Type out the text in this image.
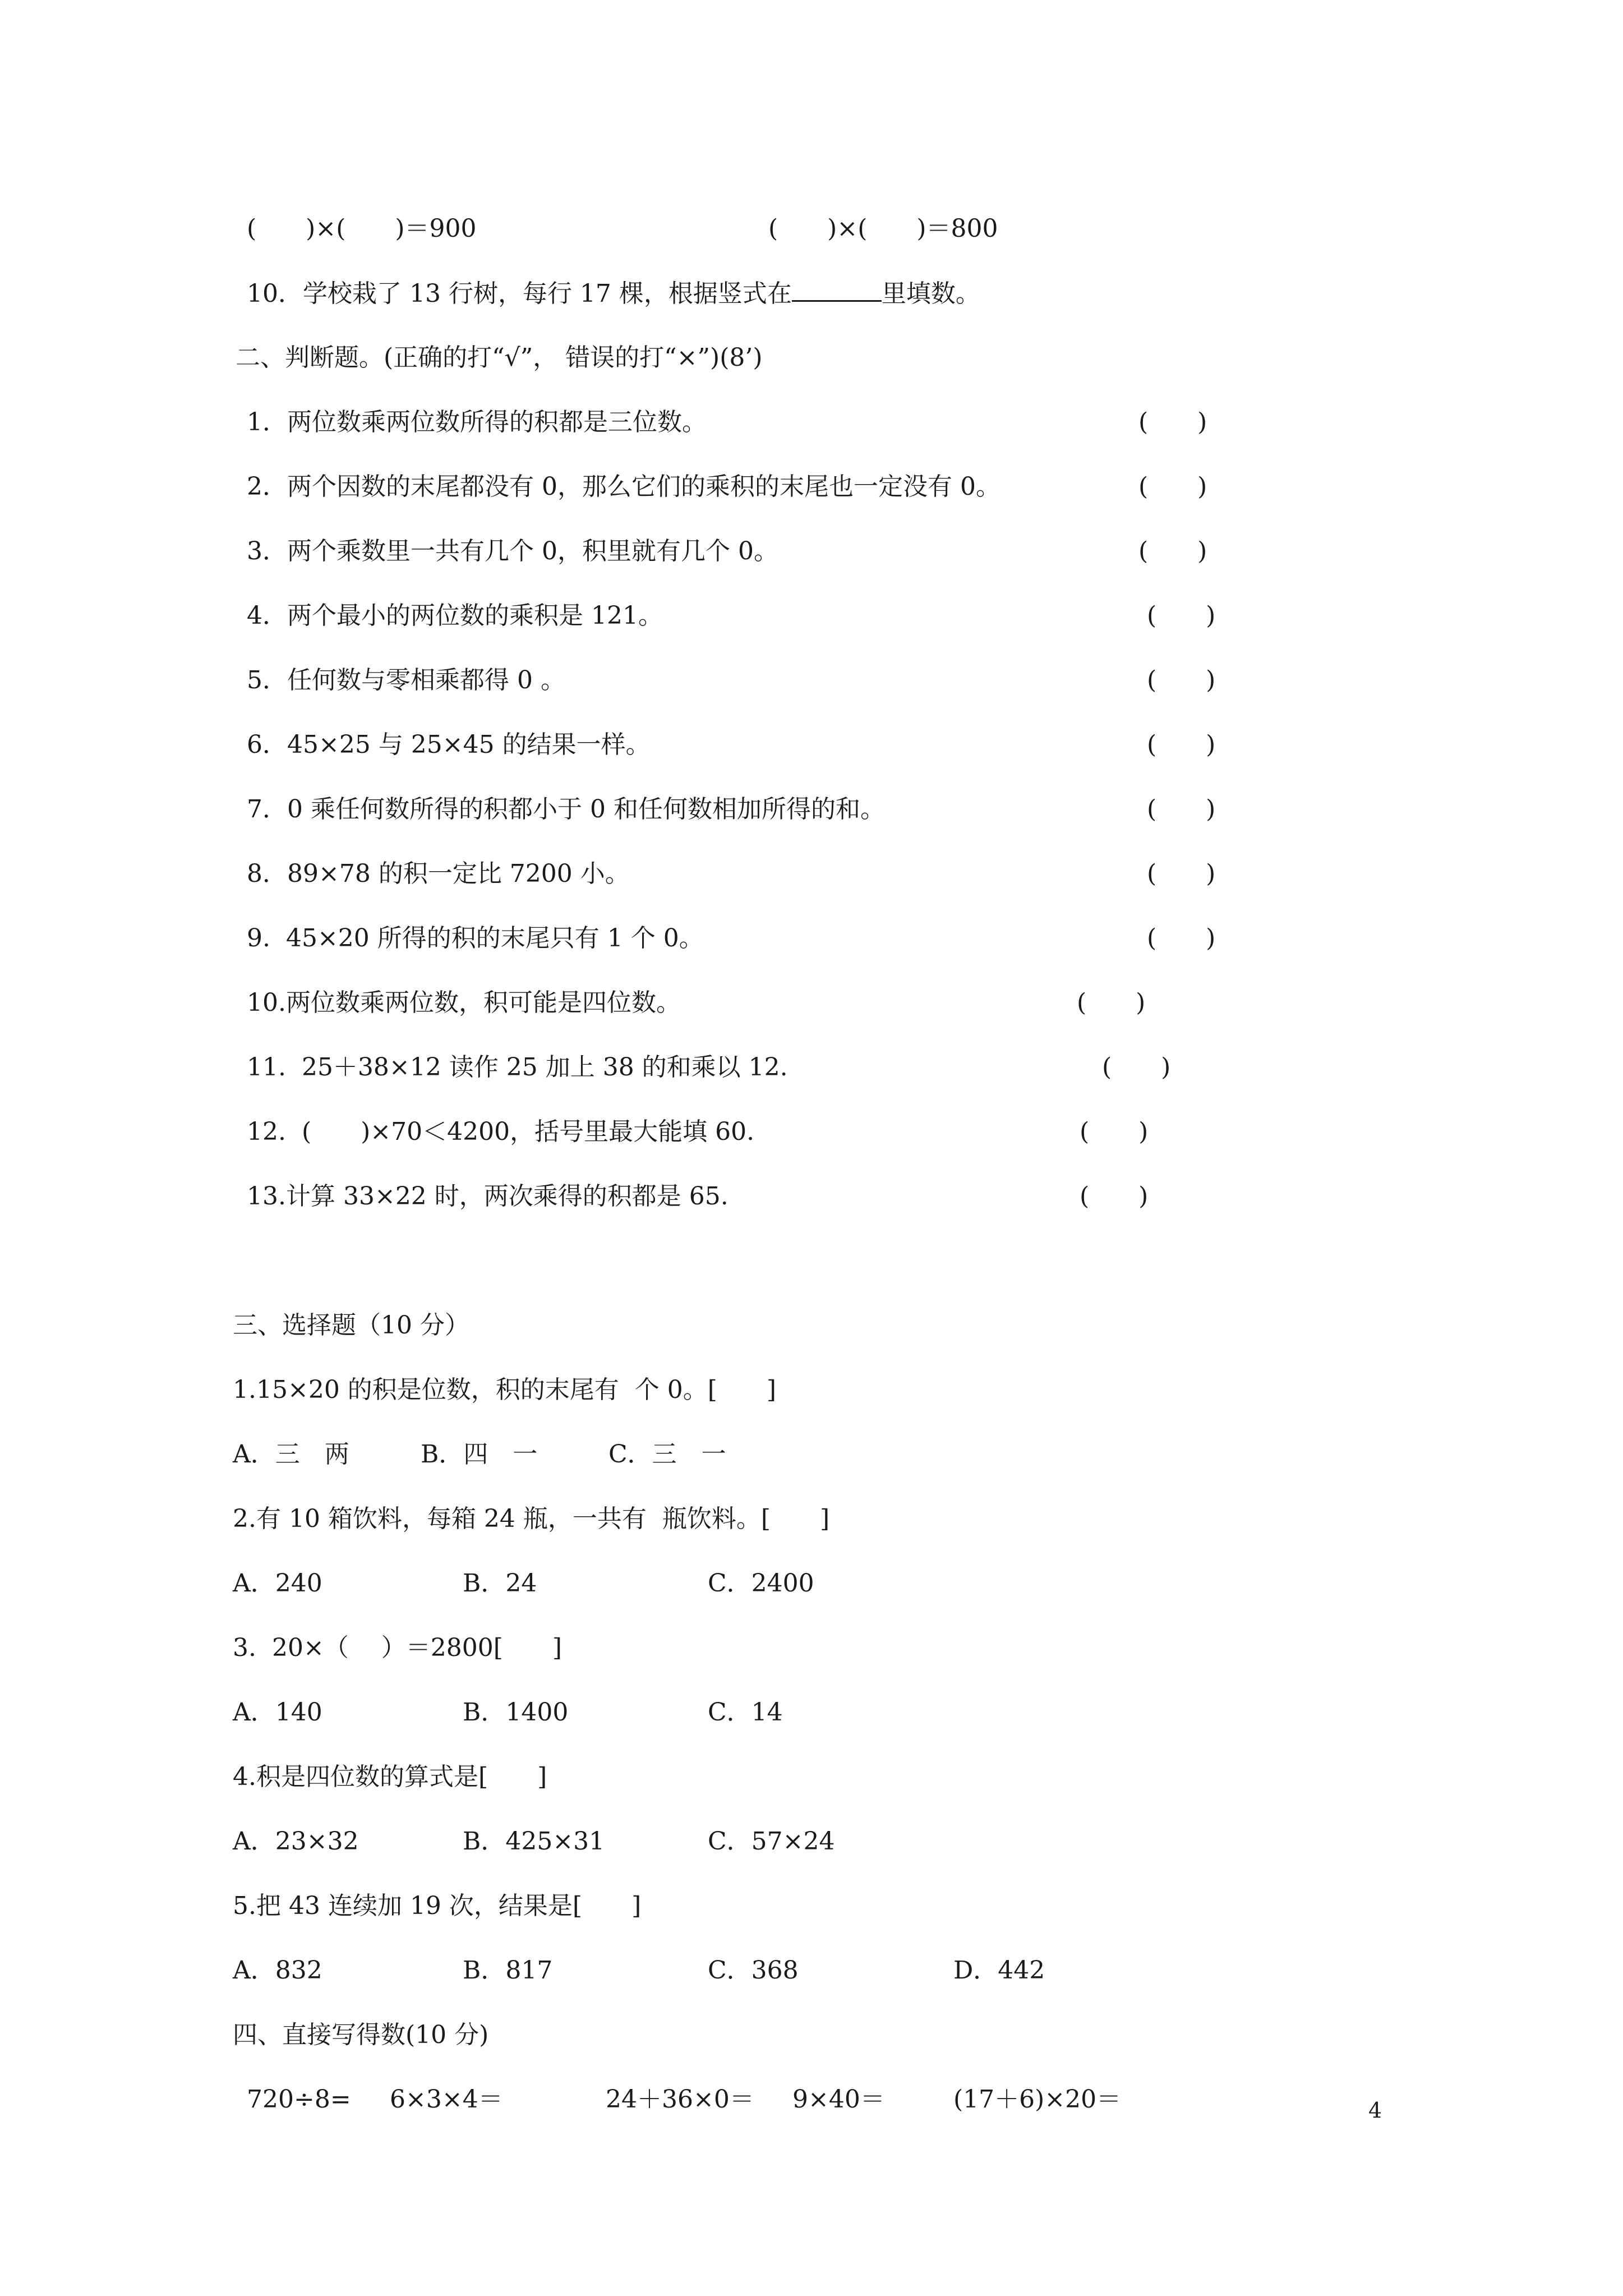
(　　)×(　　)＝900	(　　)×(　　)＝800
10．学校栽了 13 行树，每行 17 棵，根据竖式在	里填数。
二、判断题。(正确的打“√”， 错误的打“×”)(8’)
1．两位数乘两位数所得的积都是三位数。	(　　)
2．两个因数的末尾都没有 0，那么它们的乘积的末尾也一定没有 0。	(　　)
3．两个乘数里一共有几个 0，积里就有几个 0。	(　　)
4．两个最小的两位数的乘积是 121。	(　　)
5．任何数与零相乘都得 0 。	(　　)
6．45×25 与 25×45 的结果一样。	(　　)
7．0 乘任何数所得的积都小于 0 和任何数相加所得的和。	(　　)
8．89×78 的积一定比 7200 小。	(　　)
9.  45×20 所得的积的末尾只有 1 个 0。	(　　)
10.两位数乘两位数，积可能是四位数。	(　　)
11.  25＋38×12 读作 25 加上 38 的和乘以 12.	(　　)
12.  (　　)×70＜4200，括号里最大能填 60.	(　　)
13.计算 33×22 时，两次乘得的积都是 65.	(　　)
三、选择题（10 分）
1.15×20 的积是位数，积的末尾有  个 0。[　　]
A．三　两	B．四　一	C．三　一
2.有 10 箱饮料，每箱 24 瓶，一共有  瓶饮料。[　　]
A．240	B．24	C．2400
3.  20×（　 ）＝2800[　　]
A．140	B．1400	C．14
4.积是四位数的算式是[　　]
A．23×32	B．425×31	C．57×24
5.把 43 连续加 19 次，结果是[　　]
A．832	B．817	C．368	D．442
四、直接写得数(10 分)
720÷8= 6×3×4＝	24＋36×0＝ 9×40＝	(17＋6)×20＝	4
